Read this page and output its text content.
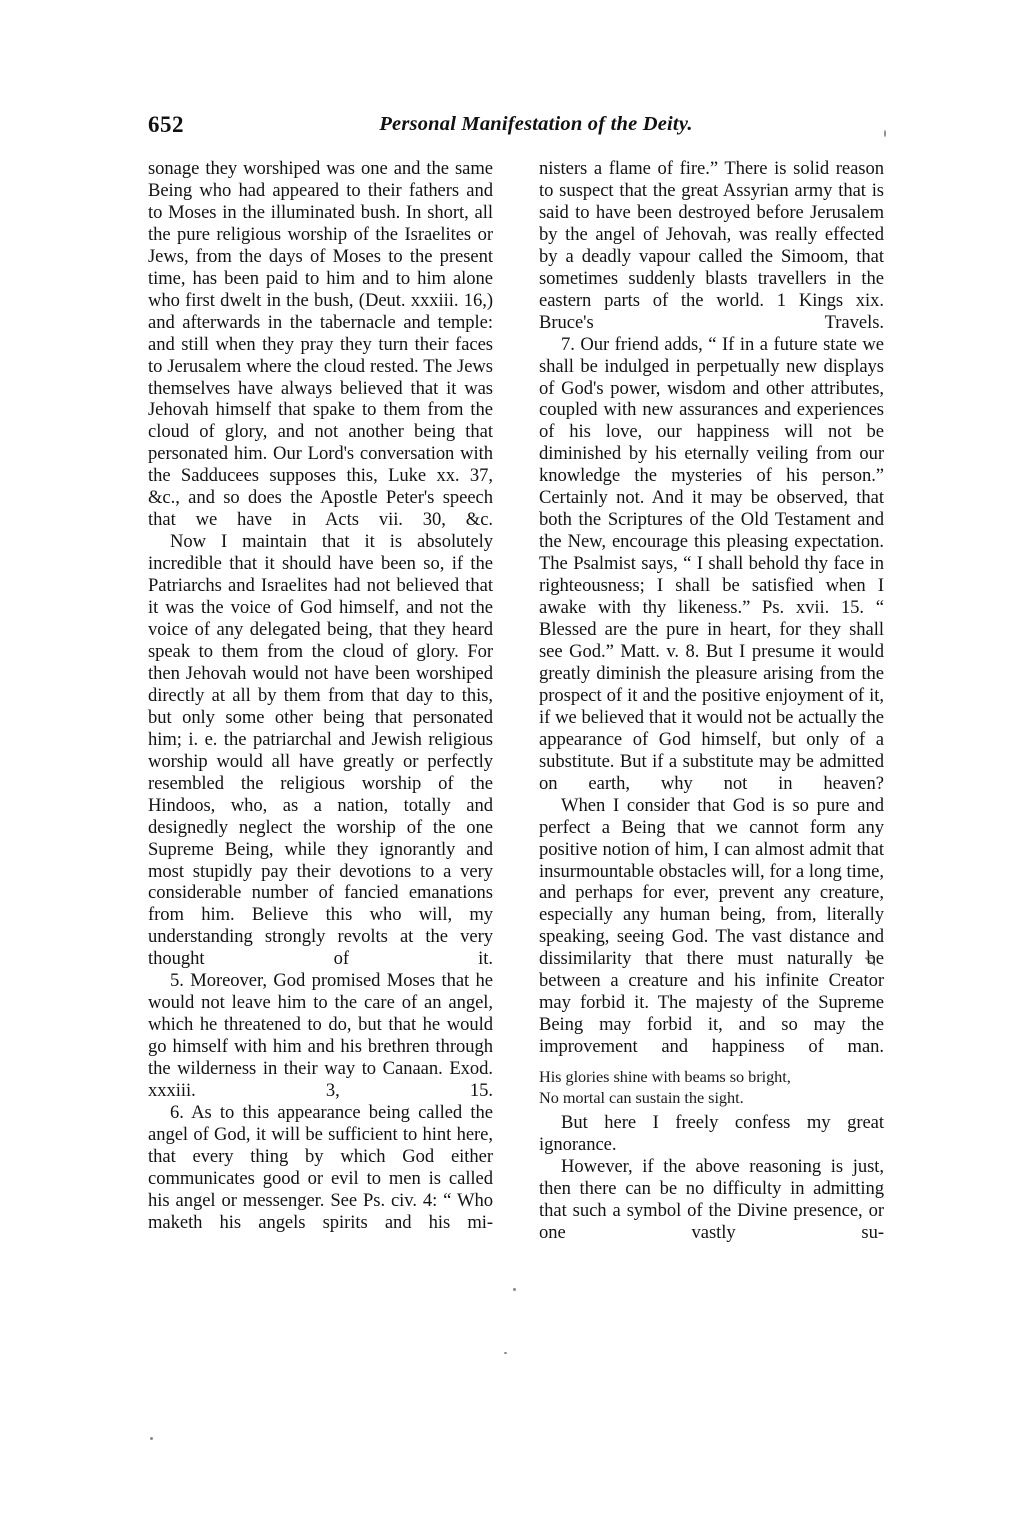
652	Personal Manifestation of the Deity.

sonage they worshiped was one and the same Being who had appeared to their fathers and to Moses in the illuminated bush. In short, all the pure religious worship of the Israelites or Jews, from the days of Moses to the present time, has been paid to him and to him alone who first dwelt in the bush, (Deut. xxxiii. 16,) and afterwards in the tabernacle and temple: and still when they pray they turn their faces to Jerusalem where the cloud rested. The Jews themselves have always believed that it was Jehovah himself that spake to them from the cloud of glory, and not another being that personated him. Our Lord's conversation with the Sadducees supposes this, Luke xx. 37, &c., and so does the Apostle Peter's speech that we have in Acts vii. 30, &c.

Now I maintain that it is absolutely incredible that it should have been so, if the Patriarchs and Israelites had not believed that it was the voice of God himself, and not the voice of any delegated being, that they heard speak to them from the cloud of glory. For then Jehovah would not have been worshiped directly at all by them from that day to this, but only some other being that personated him; i. e. the patriarchal and Jewish religious worship would all have greatly or perfectly resembled the religious worship of the Hindoos, who, as a nation, totally and designedly neglect the worship of the one Supreme Being, while they ignorantly and most stupidly pay their devotions to a very considerable number of fancied emanations from him. Believe this who will, my understanding strongly revolts at the very thought of it.

5. Moreover, God promised Moses that he would not leave him to the care of an angel, which he threatened to do, but that he would go himself with him and his brethren through the wilderness in their way to Canaan. Exod. xxxiii. 3, 15.

6. As to this appearance being called the angel of God, it will be sufficient to hint here, that every thing by which God either communicates good or evil to men is called his angel or messenger. See Ps. civ. 4: “ Who maketh his angels spirits and his mi-

nisters a flame of fire.” There is solid reason to suspect that the great Assyrian army that is said to have been destroyed before Jerusalem by the angel of Jehovah, was really effected by a deadly vapour called the Simoom, that sometimes suddenly blasts travellers in the eastern parts of the world. 1 Kings xix. Bruce's Travels.

7. Our friend adds, “ If in a future state we shall be indulged in perpetually new displays of God's power, wisdom and other attributes, coupled with new assurances and experiences of his love, our happiness will not be diminished by his eternally veiling from our knowledge the mysteries of his person.” Certainly not. And it may be observed, that both the Scriptures of the Old Testament and the New, encourage this pleasing expectation. The Psalmist says, “ I shall behold thy face in righteousness; I shall be satisfied when I awake with thy likeness.” Ps. xvii. 15. “ Blessed are the pure in heart, for they shall see God.” Matt. v. 8. But I presume it would greatly diminish the pleasure arising from the prospect of it and the positive enjoyment of it, if we believed that it would not be actually the appearance of God himself, but only of a substitute. But if a substitute may be admitted on earth, why not in heaven?

When I consider that God is so pure and perfect a Being that we cannot form any positive notion of him, I can almost admit that insurmountable obstacles will, for a long time, and perhaps for ever, prevent any creature, especially any human being, from, literally speaking, seeing God. The vast distance and dissimilarity that there must naturally be between a creature and his infinite Creator may forbid it. The majesty of the Supreme Being may forbid it, and so may the improvement and happiness of man.

His glories shine with beams so bright,
No mortal can sustain the sight.

But here I freely confess my great ignorance.

However, if the above reasoning is just, then there can be no difficulty in admitting that such a symbol of the Divine presence, or one vastly su-
